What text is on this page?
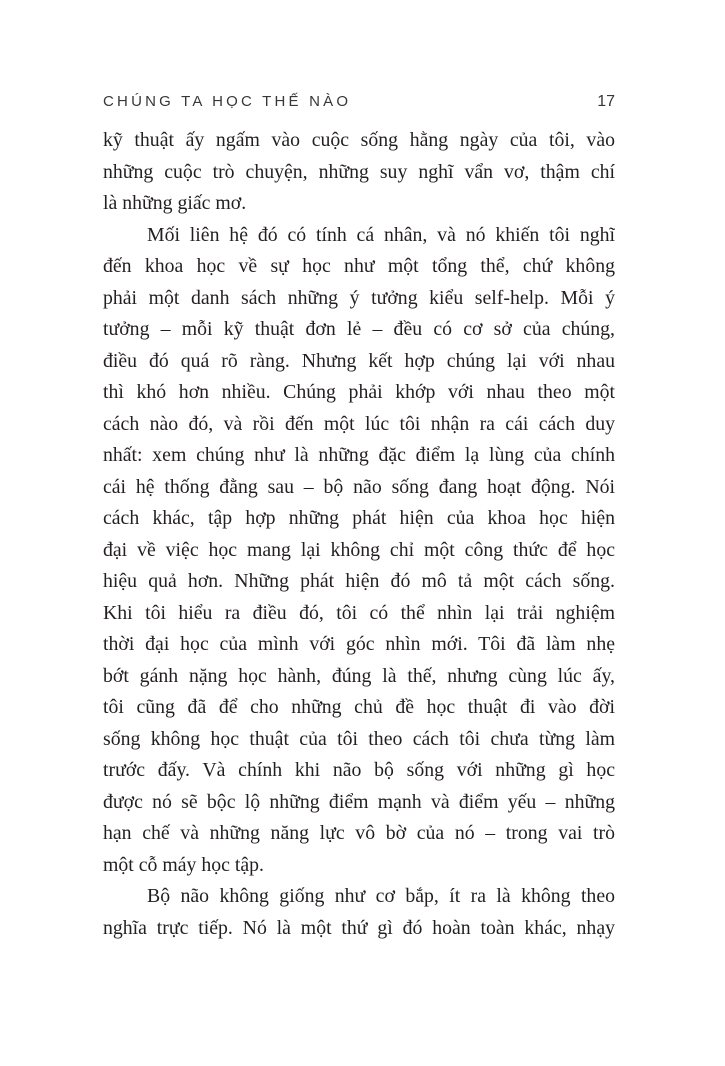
CHÚNG TA HỌC THẾ NÀO	17

kỹ thuật ấy ngấm vào cuộc sống hằng ngày của tôi, vào
những cuộc trò chuyện, những suy nghĩ vẩn vơ, thậm chí
là những giấc mơ.

Mối liên hệ đó có tính cá nhân, và nó khiến tôi nghĩ
đến khoa học về sự học như một tổng thể, chứ không
phải một danh sách những ý tưởng kiểu self-help. Mỗi ý
tưởng – mỗi kỹ thuật đơn lẻ – đều có cơ sở của chúng,
điều đó quá rõ ràng. Nhưng kết hợp chúng lại với nhau
thì khó hơn nhiều. Chúng phải khớp với nhau theo một
cách nào đó, và rồi đến một lúc tôi nhận ra cái cách duy
nhất: xem chúng như là những đặc điểm lạ lùng của chính
cái hệ thống đằng sau – bộ não sống đang hoạt động. Nói
cách khác, tập hợp những phát hiện của khoa học hiện
đại về việc học mang lại không chỉ một công thức để học
hiệu quả hơn. Những phát hiện đó mô tả một cách sống.
Khi tôi hiểu ra điều đó, tôi có thể nhìn lại trải nghiệm
thời đại học của mình với góc nhìn mới. Tôi đã làm nhẹ
bớt gánh nặng học hành, đúng là thế, nhưng cùng lúc ấy,
tôi cũng đã để cho những chủ đề học thuật đi vào đời
sống không học thuật của tôi theo cách tôi chưa từng làm
trước đấy. Và chính khi não bộ sống với những gì học
được nó sẽ bộc lộ những điểm mạnh và điểm yếu – những
hạn chế và những năng lực vô bờ của nó – trong vai trò
một cỗ máy học tập.

Bộ não không giống như cơ bắp, ít ra là không theo
nghĩa trực tiếp. Nó là một thứ gì đó hoàn toàn khác, nhạy
